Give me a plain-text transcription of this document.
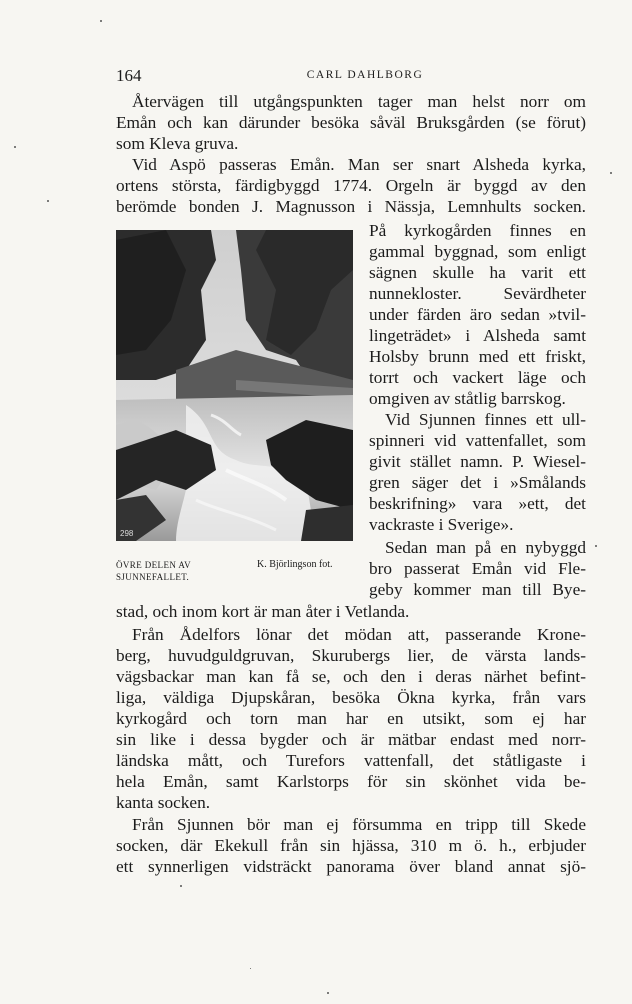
164	CARL DAHLBORG
Återvägen till utgångspunkten tager man helst norr om
Emån och kan därunder besöka såväl Bruksgården (se förut)
som Kleva gruva.
Vid Aspö passeras Emån. Man ser snart Alsheda kyrka,
ortens största, färdigbyggd 1774. Orgeln är byggd av den
berömde bonden J. Magnusson i Nässja, Lemnhults socken.
298
På kyrkogården finnes en
gammal byggnad, som enligt
sägnen skulle ha varit ett
nunnekloster. Sevärdheter
under färden äro sedan »tvil-
lingeträdet» i Alsheda samt
Holsby brunn med ett friskt,
torrt och vackert läge och
omgiven av ståtlig barrskog.
Vid Sjunnen finnes ett ull-
spinneri vid vattenfallet, som
givit stället namn. P. Wiesel-
gren säger det i »Smålands
beskrifning» vara »ett, det
vackraste i Sverige».
Sedan man på en nybyggd
bro passerat Emån vid Fle-
geby kommer man till Bye-
ÖVRE DELEN AV
SJUNNEFALLET.
K. Björlingson fot.
stad, och inom kort är man åter i Vetlanda.
Från Ådelfors lönar det mödan att, passerande Krone-
berg, huvudguldgruvan, Skurubergs lier, de värsta lands-
vägsbackar man kan få se, och den i deras närhet befint-
liga, väldiga Djupskåran, besöka Ökna kyrka, från vars
kyrkogård och torn man har en utsikt, som ej har
sin like i dessa bygder och är mätbar endast med norr-
ländska mått, och Turefors vattenfall, det ståtligaste i
hela Emån, samt Karlstorps för sin skönhet vida be-
kanta socken.
Från Sjunnen bör man ej försumma en tripp till Skede
socken, där Ekekull från sin hjässa, 310 m ö. h., erbjuder
ett synnerligen vidsträckt panorama över bland annat sjö-
